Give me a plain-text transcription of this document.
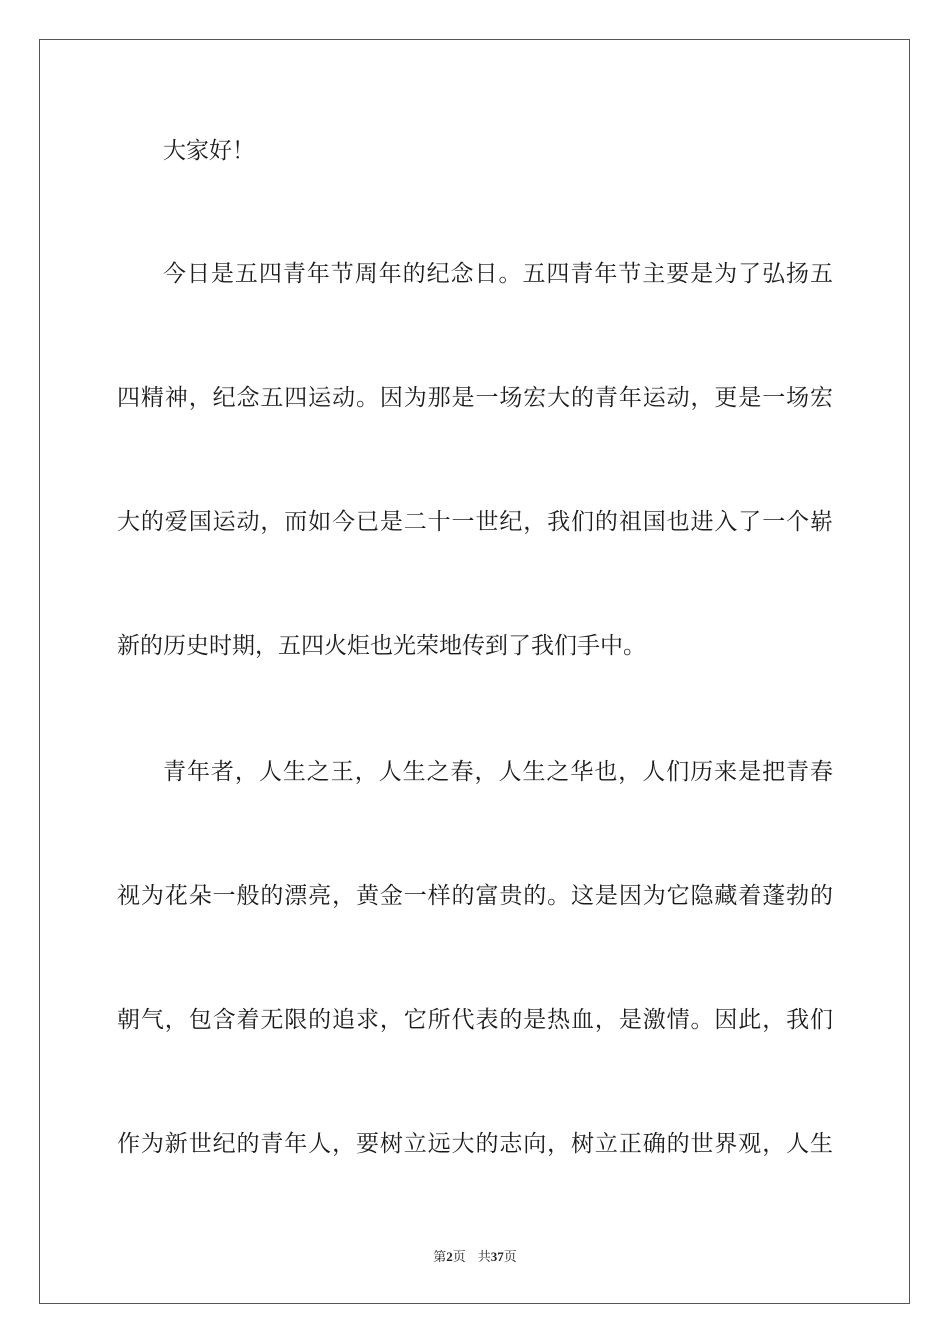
大家好！
今日是五四青年节周年的纪念日。五四青年节主要是为了弘扬五
四精神，纪念五四运动。因为那是一场宏大的青年运动，更是一场宏
大的爱国运动，而如今已是二十一世纪，我们的祖国也进入了一个崭
新的历史时期，五四火炬也光荣地传到了我们手中。
青年者，人生之王，人生之春，人生之华也，人们历来是把青春
视为花朵一般的漂亮，黄金一样的富贵的。这是因为它隐藏着蓬勃的
朝气，包含着无限的追求，它所代表的是热血，是激情。因此，我们
作为新世纪的青年人，要树立远大的志向，树立正确的世界观，人生
第2页 共37页
